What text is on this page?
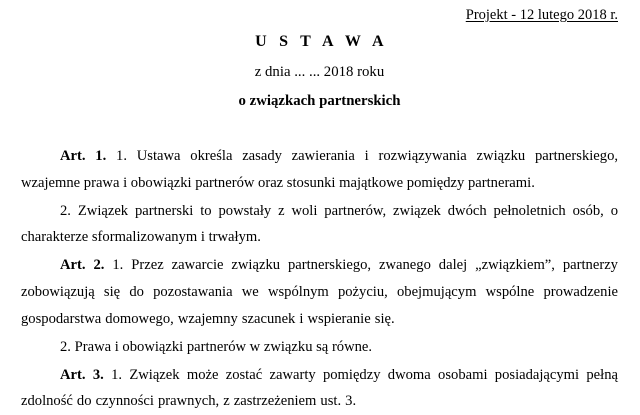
Projekt - 12 lutego 2018 r.
U S T A W A
z dnia ... ... 2018 roku
o związkach partnerskich

Art. 1. 1. Ustawa określa zasady zawierania i rozwiązywania związku partnerskiego, wzajemne prawa i obowiązki partnerów oraz stosunki majątkowe pomiędzy partnerami.

2. Związek partnerski to powstały z woli partnerów, związek dwóch pełnoletnich osób, o charakterze sformalizowanym i trwałym.

Art. 2. 1. Przez zawarcie związku partnerskiego, zwanego dalej „związkiem”, partnerzy zobowiązują się do pozostawania we wspólnym pożyciu, obejmującym wspólne prowadzenie gospodarstwa domowego, wzajemny szacunek i wspieranie się.

2. Prawa i obowiązki partnerów w związku są równe.

Art. 3. 1. Związek może zostać zawarty pomiędzy dwoma osobami posiadającymi pełną zdolność do czynności prawnych, z zastrzeżeniem ust. 3.
